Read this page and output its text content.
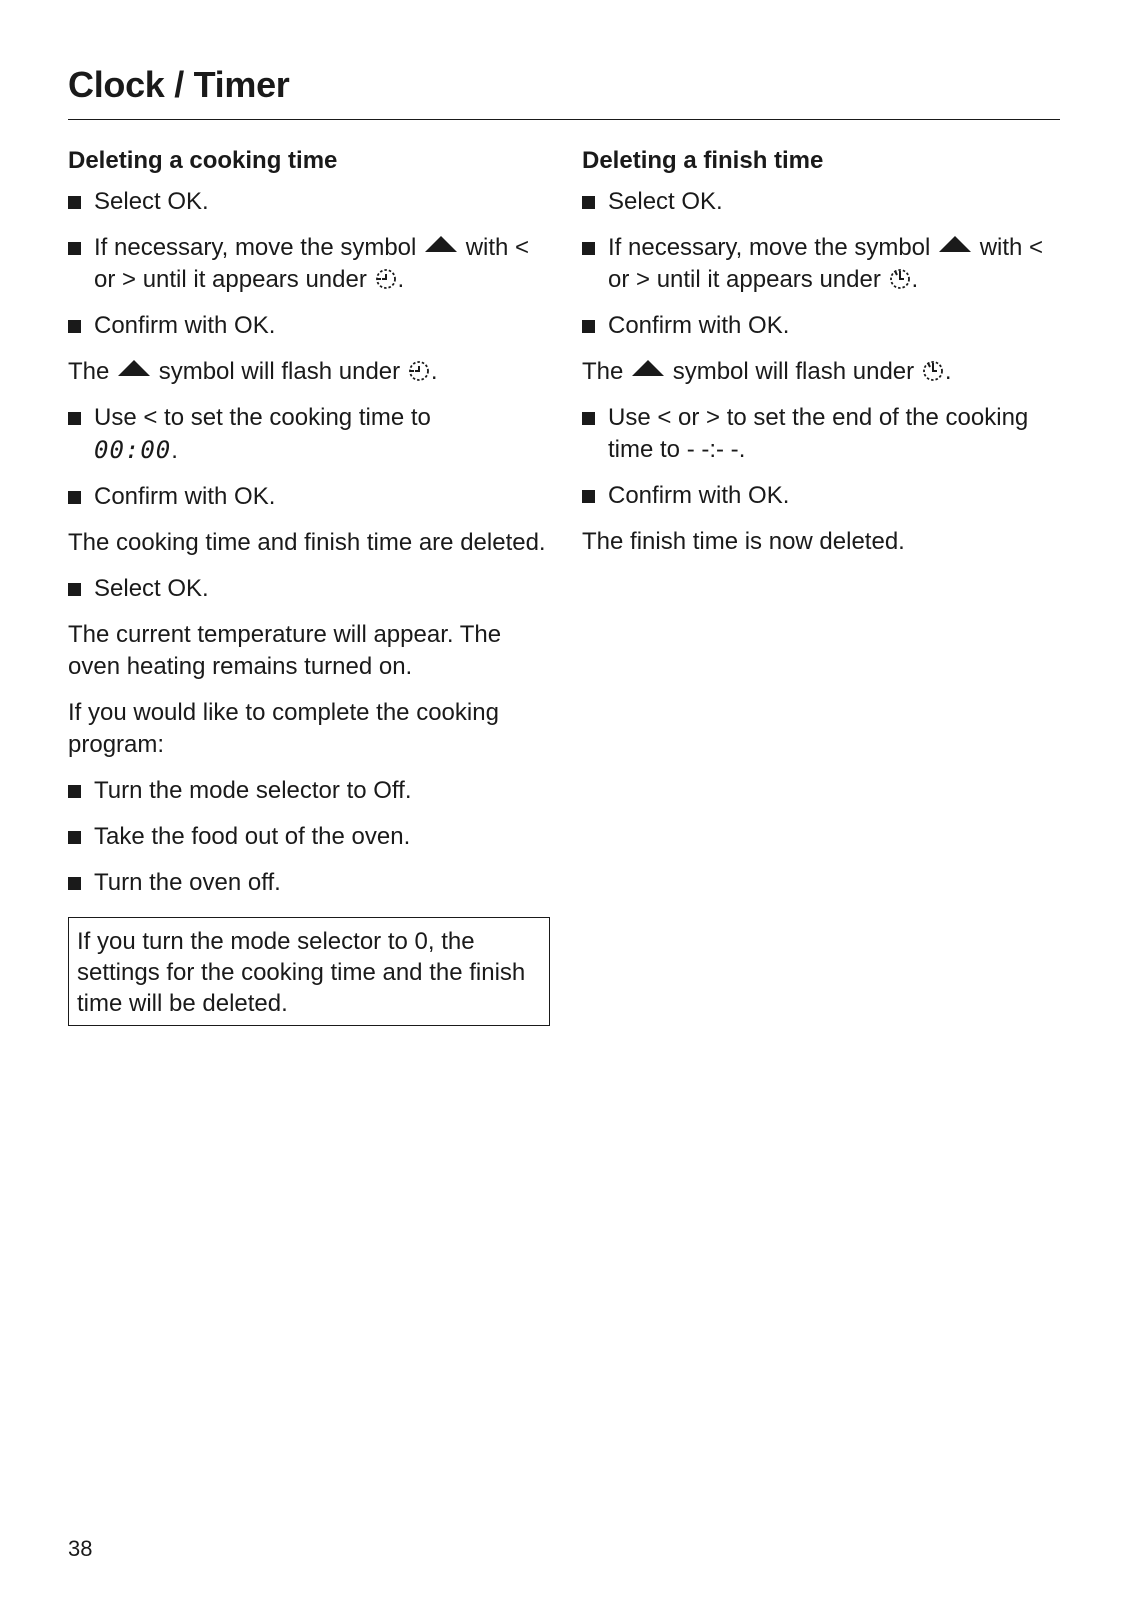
Clock / Timer
Deleting a cooking time
Select OK.
If necessary, move the symbol with < or > until it appears under .
Confirm with OK.
The symbol will flash under .
Use < to set the cooking time to
00:00.
Confirm with OK.
The cooking time and finish time are deleted.
Select OK.
The current temperature will appear. The oven heating remains turned on.
If you would like to complete the cooking program:
Turn the mode selector to Off.
Take the food out of the oven.
Turn the oven off.
If you turn the mode selector to 0, the settings for the cooking time and the finish time will be deleted.
Deleting a finish time
Select OK.
If necessary, move the symbol with < or > until it appears under .
Confirm with OK.
The symbol will flash under .
Use < or > to set the end of the cooking time to - -:- -.
Confirm with OK.
The finish time is now deleted.
38
